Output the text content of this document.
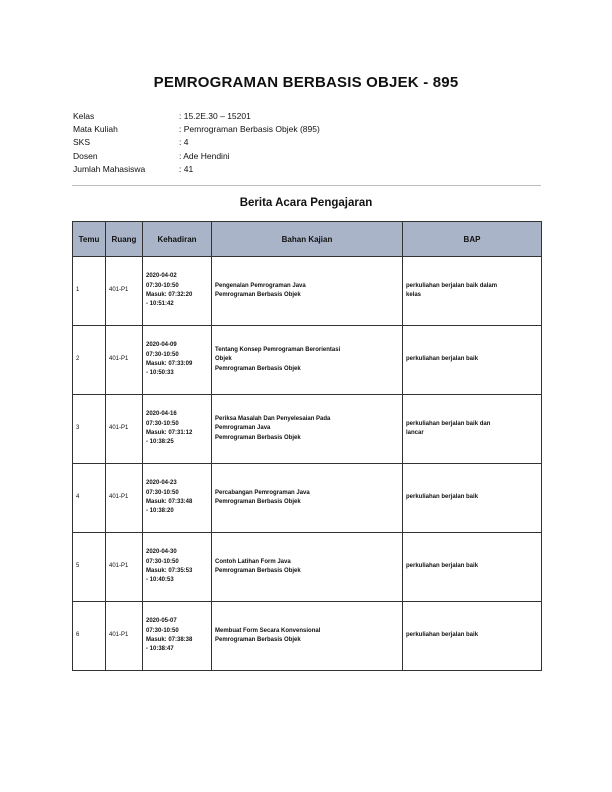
PEMROGRAMAN BERBASIS OBJEK - 895
Kelas	: 15.2E.30 – 15201
Mata Kuliah	: Pemrograman Berbasis Objek (895)
SKS	: 4
Dosen	: Ade Hendini
Jumlah Mahasiswa	: 41
Berita Acara Pengajaran
Temu	Ruang	Kehadiran	Bahan Kajian	BAP
1	401-P1	2020-04-02
07:30-10:50
Masuk: 07:32:20
- 10:51:42	Pengenalan Pemrograman Java
Pemrograman Berbasis Objek	perkuliahan berjalan baik dalam
kelas

2	401-P1	2020-04-09
07:30-10:50
Masuk: 07:33:09
- 10:50:33	Tentang Konsep Pemrograman Berorientasi
Objek
Pemrograman Berbasis Objek	perkuliahan berjalan baik

3	401-P1	2020-04-16
07:30-10:50
Masuk: 07:31:12
- 10:38:25	Periksa Masalah Dan Penyelesaian Pada
Pemrograman Java
Pemrograman Berbasis Objek	perkuliahan berjalan baik dan
lancar

4	401-P1	2020-04-23
07:30-10:50
Masuk: 07:33:48
- 10:38:20	Percabangan Pemrograman Java
Pemrograman Berbasis Objek	perkuliahan berjalan baik

5	401-P1	2020-04-30
07:30-10:50
Masuk: 07:35:53
- 10:40:53	Contoh Latihan Form Java
Pemrograman Berbasis Objek	perkuliahan berjalan baik

6	401-P1	2020-05-07
07:30-10:50
Masuk: 07:38:38
- 10:38:47	Membuat Form Secara Konvensional
Pemrograman Berbasis Objek	perkuliahan berjalan baik
